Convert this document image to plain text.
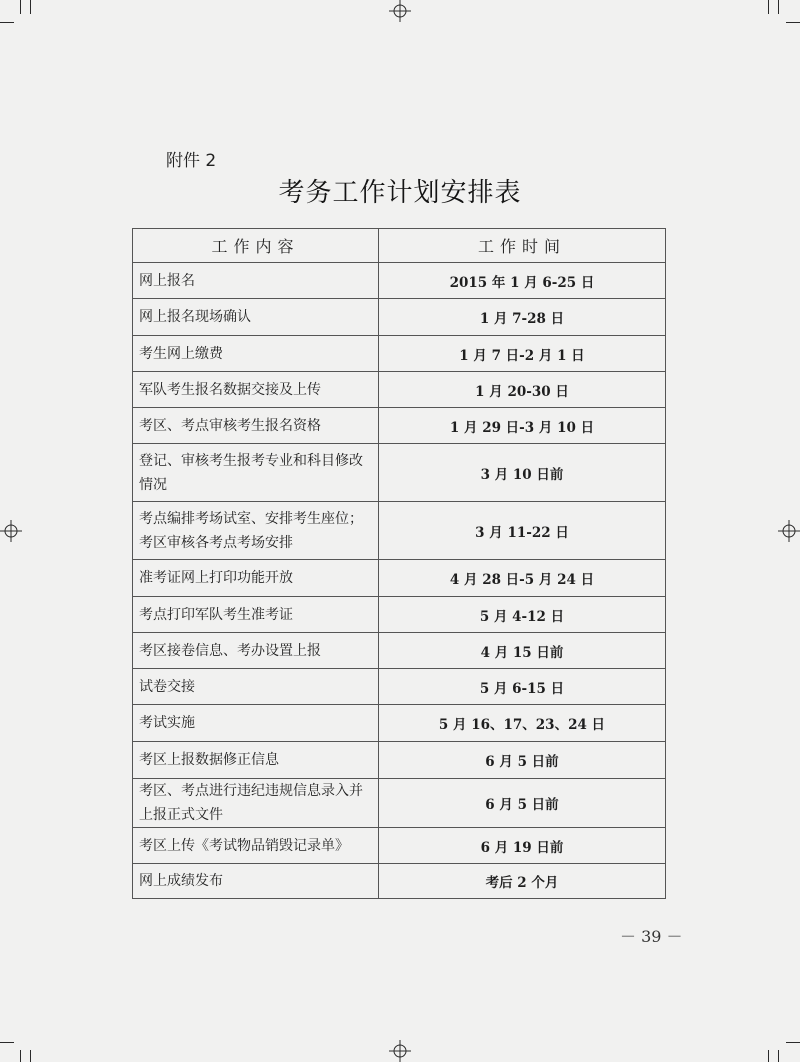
附件 2
考务工作计划安排表
工作内容	工作时间
网上报名	2015 年 1 月 6-25 日
网上报名现场确认	1 月 7-28 日
考生网上缴费	1 月 7 日-2 月 1 日
军队考生报名数据交接及上传	1 月 20-30 日
考区、考点审核考生报名资格	1 月 29 日-3 月 10 日
登记、审核考生报考专业和科目修改情况	3 月 10 日前
考点编排考场试室、安排考生座位；考区审核各考点考场安排	3 月 11-22 日
准考证网上打印功能开放	4 月 28 日-5 月 24 日
考点打印军队考生准考证	5 月 4-12 日
考区接卷信息、考办设置上报	4 月 15 日前
试卷交接	5 月 6-15 日
考试实施	5 月 16、17、23、24 日
考区上报数据修正信息	6 月 5 日前
考区、考点进行违纪违规信息录入并上报正式文件	6 月 5 日前
考区上传《考试物品销毁记录单》	6 月 19 日前
网上成绩发布	考后 2 个月
－ 39 －
